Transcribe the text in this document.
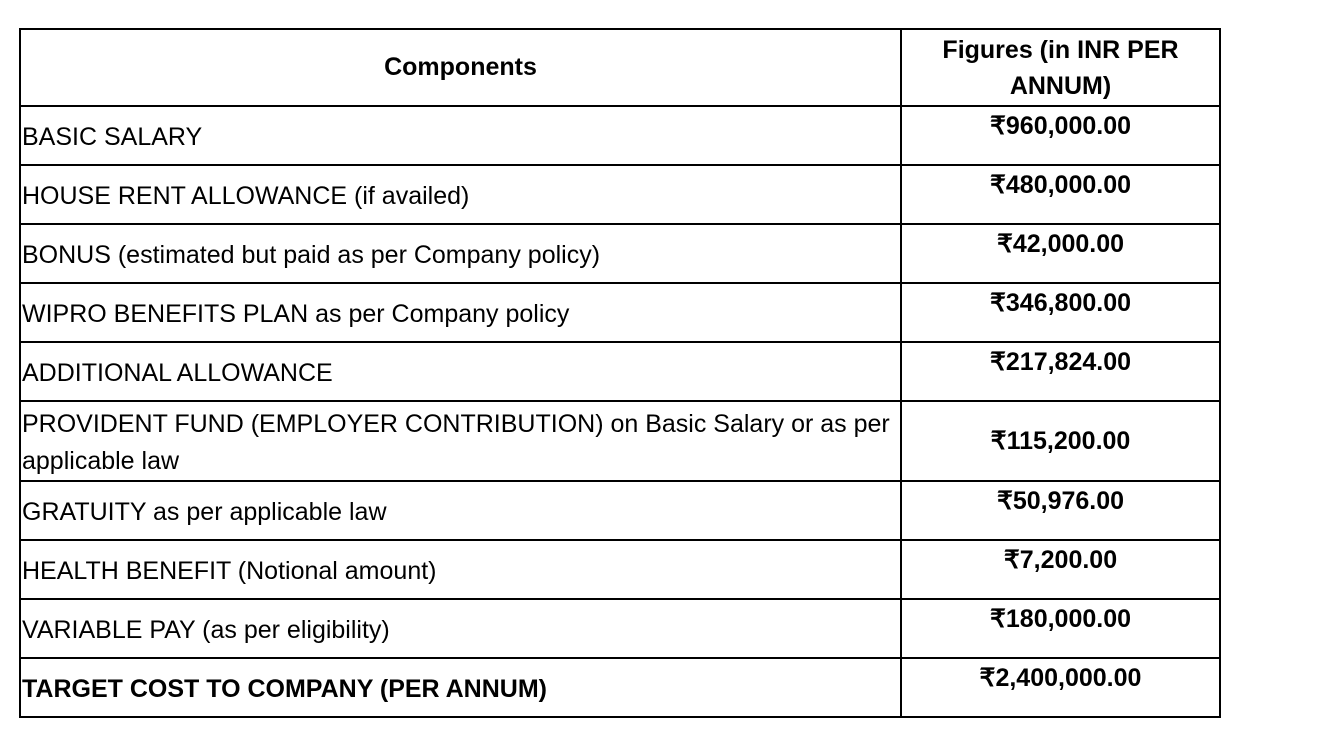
Components	Figures (in INR PER ANNUM)

BASIC SALARY	₹960,000.00
HOUSE RENT ALLOWANCE (if availed)	₹480,000.00
BONUS (estimated but paid as per Company policy)	₹42,000.00
WIPRO BENEFITS PLAN as per Company policy	₹346,800.00
ADDITIONAL ALLOWANCE	₹217,824.00
PROVIDENT FUND (EMPLOYER CONTRIBUTION) on Basic Salary or as per applicable law	₹115,200.00
GRATUITY as per applicable law	₹50,976.00
HEALTH BENEFIT (Notional amount)	₹7,200.00
VARIABLE PAY (as per eligibility)	₹180,000.00
TARGET COST TO COMPANY (PER ANNUM)	₹2,400,000.00
